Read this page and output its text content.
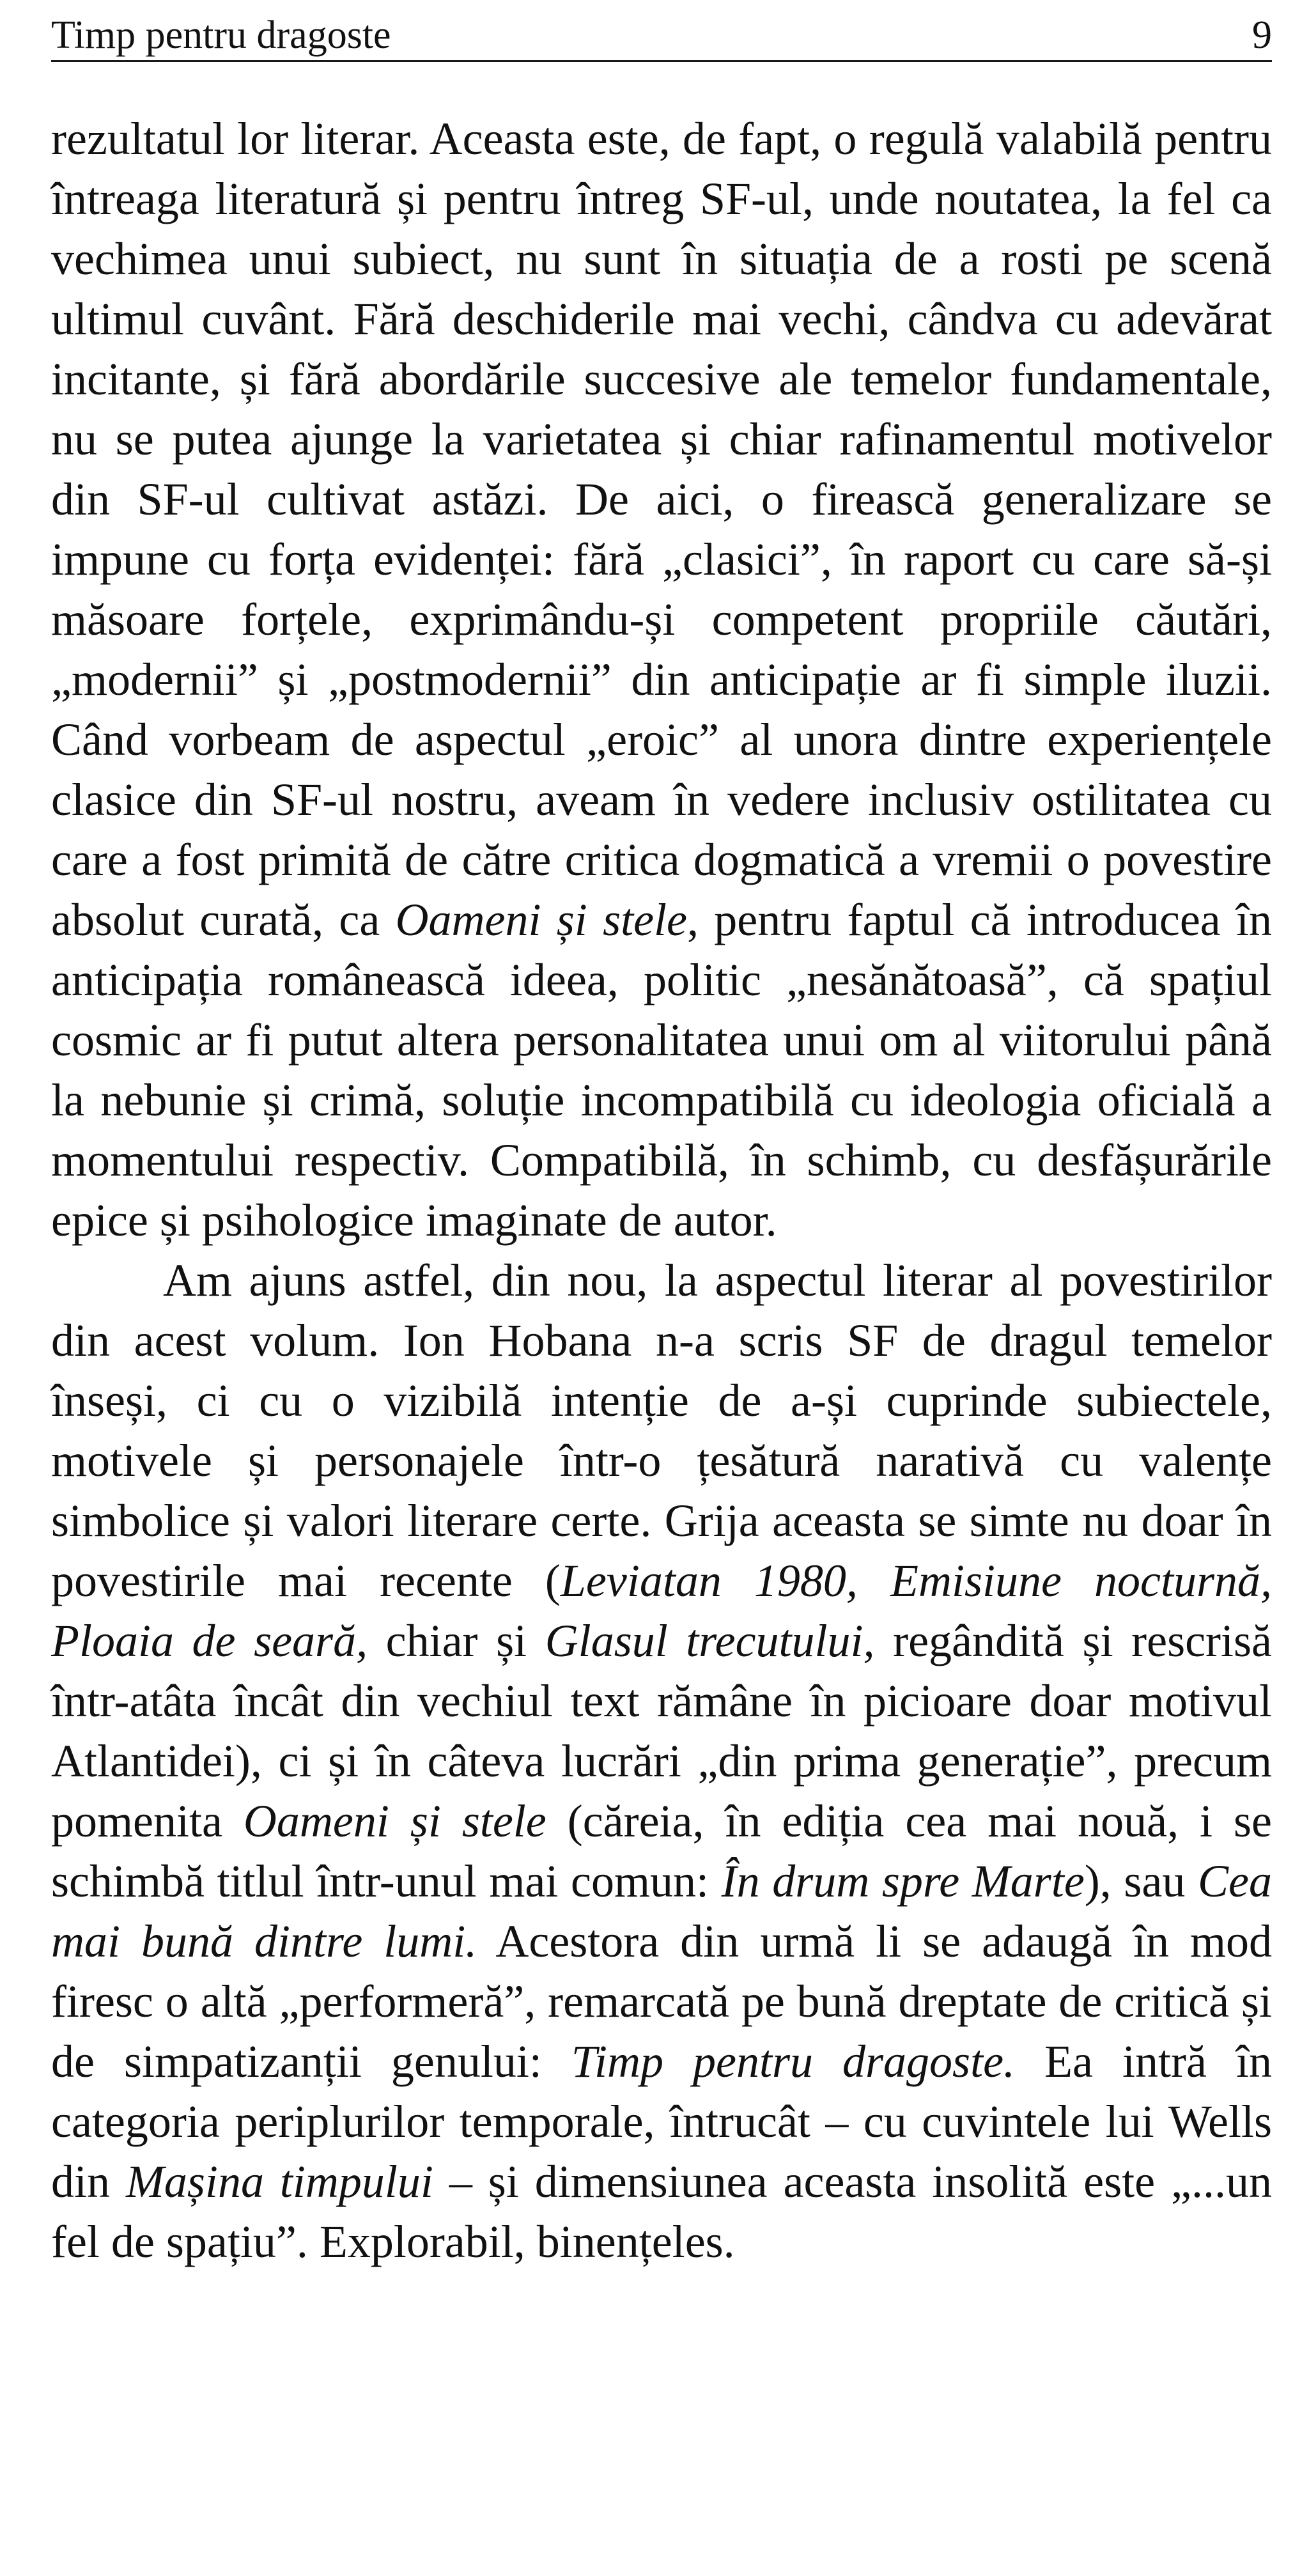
Timp pentru dragoste	9

rezultatul lor literar. Aceasta este, de fapt, o regulă valabilă pentru întreaga literatură și pentru întreg SF-ul, unde noutatea, la fel ca vechimea unui subiect, nu sunt în situația de a rosti pe scenă ultimul cuvânt. Fără deschiderile mai vechi, cândva cu adevărat incitante, și fără abordările succesive ale temelor fundamentale, nu se putea ajunge la varietatea și chiar rafinamentul motivelor din SF-ul cultivat astăzi. De aici, o firească generalizare se impune cu forța evidenței: fără „clasici”, în raport cu care să-și măsoare forțele, exprimându-și competent propriile căutări, „modernii” și „postmodernii” din anticipație ar fi simple iluzii. Când vorbeam de aspectul „eroic” al unora dintre experiențele clasice din SF-ul nostru, aveam în vedere inclusiv ostilitatea cu care a fost primită de către critica dogmatică a vremii o povestire absolut curată, ca Oameni și stele, pentru faptul că introducea în anticipația românească ideea, politic „nesănătoasă”, că spațiul cosmic ar fi putut altera personalitatea unui om al viitorului până la nebunie și crimă, soluție incompatibilă cu ideologia oficială a momentului respectiv. Compatibilă, în schimb, cu desfășurările epice și psihologice imaginate de autor.

Am ajuns astfel, din nou, la aspectul literar al povestirilor din acest volum. Ion Hobana n-a scris SF de dragul temelor înseși, ci cu o vizibilă intenție de a-și cuprinde subiectele, motivele și personajele într-o țesătură narativă cu valențe simbolice și valori literare certe. Grija aceasta se simte nu doar în povestirile mai recente (Leviatan 1980, Emisiune nocturnă, Ploaia de seară, chiar și Glasul trecutului, regândită și rescrisă într-atâta încât din vechiul text rămâne în picioare doar motivul Atlantidei), ci și în câteva lucrări „din prima generație”, precum pomenita Oameni și stele (căreia, în ediția cea mai nouă, i se schimbă titlul într-unul mai comun: În drum spre Marte), sau Cea mai bună dintre lumi. Acestora din urmă li se adaugă în mod firesc o altă „performeră”, remarcată pe bună dreptate de critică și de simpatizanții genului: Timp pentru dragoste. Ea intră în categoria periplurilor temporale, întrucât – cu cuvintele lui Wells din Mașina timpului – și dimensiunea aceasta insolită este „...un fel de spațiu”. Explorabil, binențeles.
